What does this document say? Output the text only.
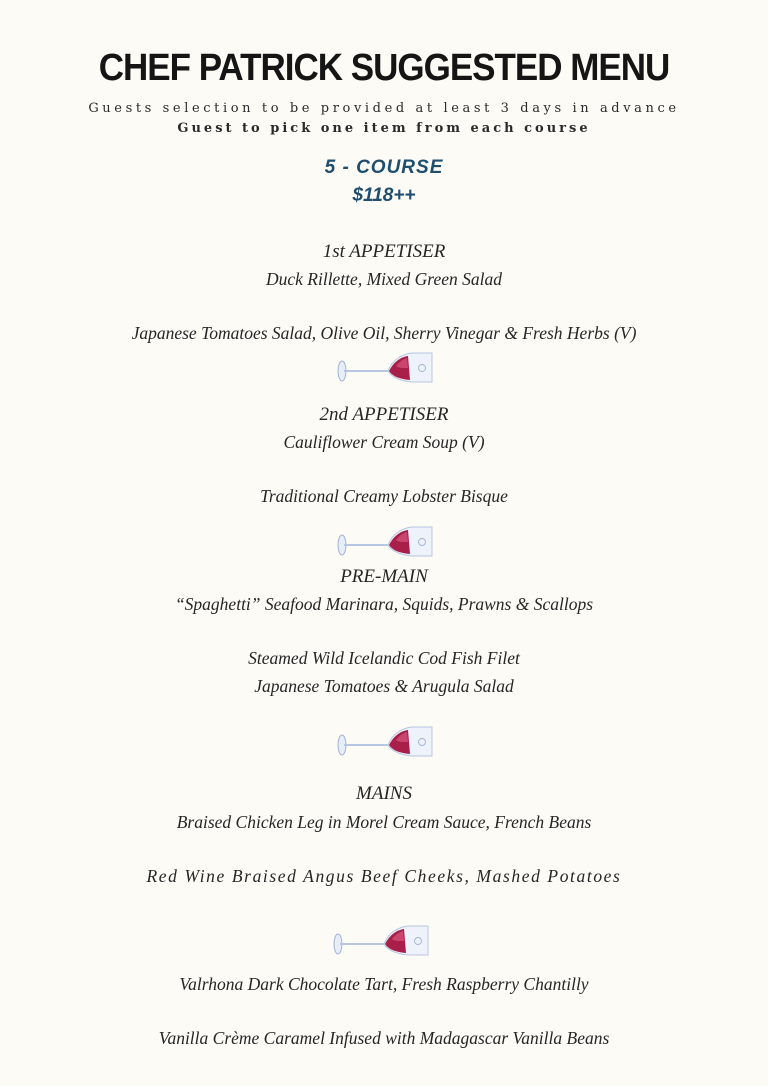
CHEF PATRICK SUGGESTED MENU
Guests selection to be provided at least 3 days in advance
Guest to pick one item from each course
5 - COURSE
$118++
1st APPETISER
Duck Rillette, Mixed Green Salad
Japanese Tomatoes Salad, Olive Oil, Sherry Vinegar & Fresh Herbs (V)
2nd APPETISER
Cauliflower Cream Soup (V)
Traditional Creamy Lobster Bisque
PRE-MAIN
“Spaghetti” Seafood Marinara, Squids, Prawns & Scallops
Steamed Wild Icelandic Cod Fish Filet
Japanese Tomatoes & Arugula Salad
MAINS
Braised Chicken Leg in Morel Cream Sauce, French Beans
Red Wine Braised Angus Beef Cheeks, Mashed Potatoes
Valrhona Dark Chocolate Tart, Fresh Raspberry Chantilly
Vanilla Crème Caramel Infused with Madagascar Vanilla Beans
